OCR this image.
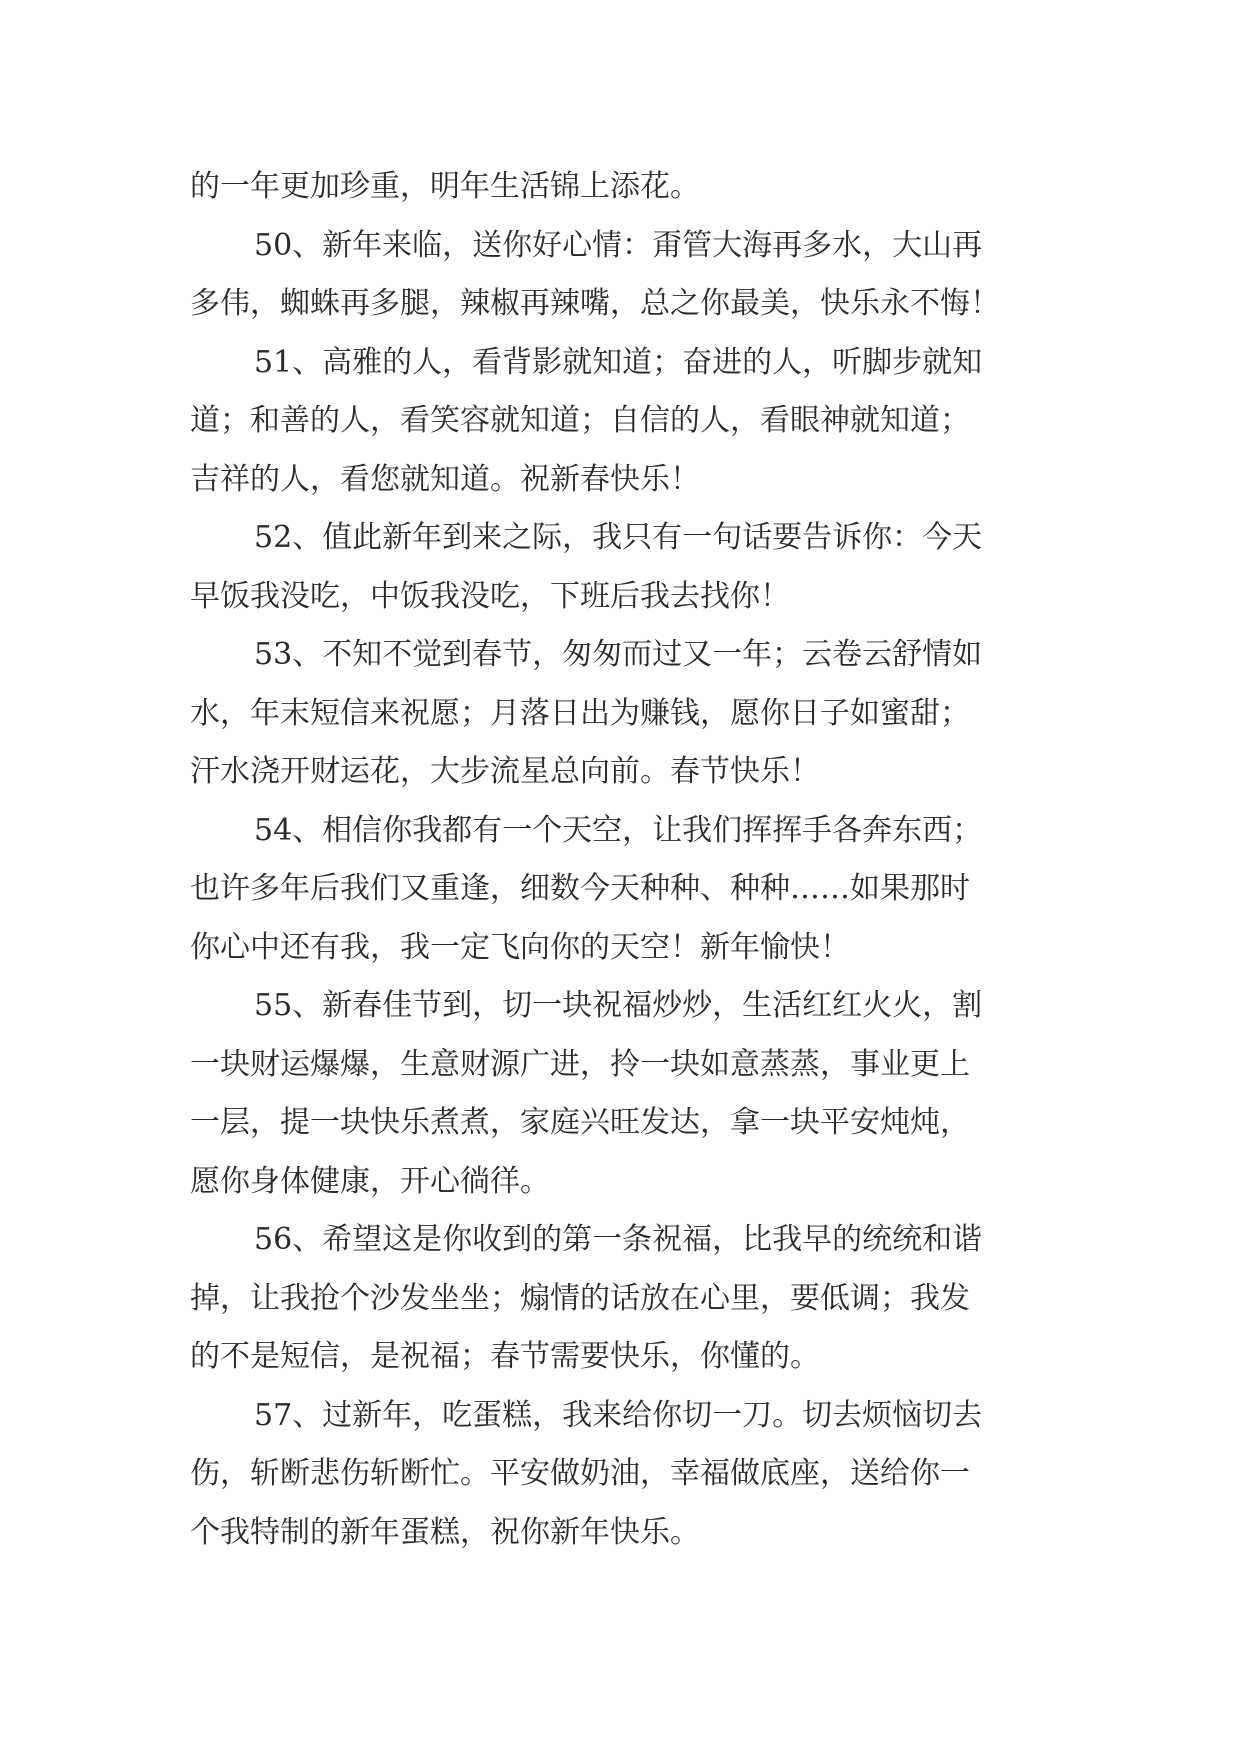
的一年更加珍重，明年生活锦上添花。
50、新年来临，送你好心情：甭管大海再多水，大山再
多伟，蜘蛛再多腿，辣椒再辣嘴，总之你最美，快乐永不悔！
51、高雅的人，看背影就知道；奋进的人，听脚步就知
道；和善的人，看笑容就知道；自信的人，看眼神就知道；
吉祥的人，看您就知道。祝新春快乐！
52、值此新年到来之际，我只有一句话要告诉你：今天
早饭我没吃，中饭我没吃，下班后我去找你！
53、不知不觉到春节，匆匆而过又一年；云卷云舒情如
水，年末短信来祝愿；月落日出为赚钱，愿你日子如蜜甜；
汗水浇开财运花，大步流星总向前。春节快乐！
54、相信你我都有一个天空，让我们挥挥手各奔东西；
也许多年后我们又重逢，细数今天种种、种种……如果那时
你心中还有我，我一定飞向你的天空！新年愉快！
55、新春佳节到，切一块祝福炒炒，生活红红火火，割
一块财运爆爆，生意财源广进，拎一块如意蒸蒸，事业更上
一层，提一块快乐煮煮，家庭兴旺发达，拿一块平安炖炖，
愿你身体健康，开心徜徉。
56、希望这是你收到的第一条祝福，比我早的统统和谐
掉，让我抢个沙发坐坐；煽情的话放在心里，要低调；我发
的不是短信，是祝福；春节需要快乐，你懂的。
57、过新年，吃蛋糕，我来给你切一刀。切去烦恼切去
伤，斩断悲伤斩断忙。平安做奶油，幸福做底座，送给你一
个我特制的新年蛋糕，祝你新年快乐。
